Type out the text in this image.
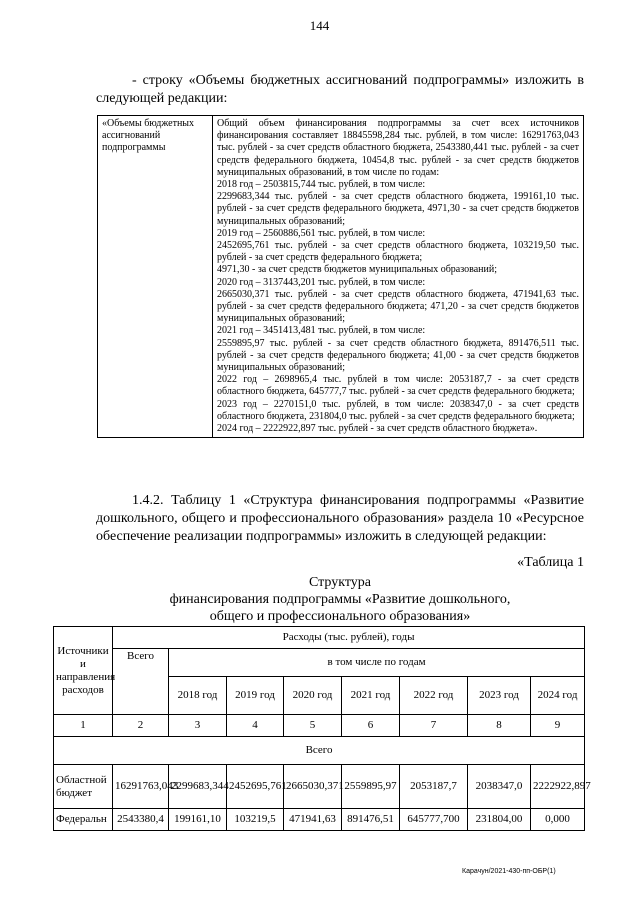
144
- строку «Объемы бюджетных ассигнований подпрограммы» изложить в следующей редакции:
«Объемы бюджетных ассигнований подпрограммы	

Общий объем финансирования подпрограммы за счет всех источников финансирования составляет 18845598,284 тыс. рублей, в том числе: 16291763,043 тыс. рублей - за счет средств областного бюджета, 2543380,441 тыс. рублей - за счет средств федерального бюджета, 10454,8 тыс. рублей - за счет средств бюджетов муниципальных образований, в том числе по годам:

2018 год – 2503815,744 тыс. рублей, в том числе:

2299683,344 тыс. рублей - за счет средств областного бюджета, 199161,10 тыс. рублей - за счет средств федерального бюджета, 4971,30 - за счет средств бюджетов муниципальных образований;

2019 год – 2560886,561 тыс. рублей, в том числе:

2452695,761 тыс. рублей - за счет средств областного бюджета, 103219,50 тыс. рублей - за счет средств федерального бюджета;

4971,30 - за счет средств бюджетов муниципальных образований;

2020 год – 3137443,201 тыс. рублей, в том числе:

2665030,371 тыс. рублей - за счет средств областного бюджета, 471941,63 тыс. рублей - за счет средств федерального бюджета; 471,20 - за счет средств бюджетов муниципальных образований;

2021 год – 3451413,481 тыс. рублей, в том числе:

2559895,97 тыс. рублей - за счет средств областного бюджета, 891476,511 тыс. рублей - за счет средств федерального бюджета; 41,00 - за счет средств бюджетов муниципальных образований;

2022 год – 2698965,4 тыс. рублей в том числе: 2053187,7 - за счет средств областного бюджета, 645777,7 тыс. рублей - за счет средств федерального бюджета;

2023 год – 2270151,0 тыс. рублей, в том числе: 2038347,0 - за счет средств областного бюджета, 231804,0 тыс. рублей - за счет средств федерального бюджета;

2024 год – 2222922,897 тыс. рублей - за счет средств областного бюджета».

1.4.2. Таблицу 1 «Структура финансирования подпрограммы «Развитие дошкольного, общего и профессионального образования» раздела 10 «Ресурсное обеспечение реализации подпрограммы» изложить в следующей редакции:
«Таблица 1
Структура
финансирования подпрограммы «Развитие дошкольного,
общего и профессионального образования»
Источники и направления расходов	Расходы (тыс. рублей), годы							
	Всего	в том числе по годам						
		2018 год	2019 год	2020 год	2021 год	2022 год	2023 год	2024 год
1	2	3	4	5	6	7	8	9
Всего								
Областной бюджет	16291763,043	2299683,344	2452695,761	2665030,371	2559895,97	2053187,7	2038347,0	2222922,897
Федеральн	2543380,4	199161,10	103219,5	471941,63	891476,51	645777,700	231804,00	0,000
Карачун/2021-430-пп-ОБР(1)
